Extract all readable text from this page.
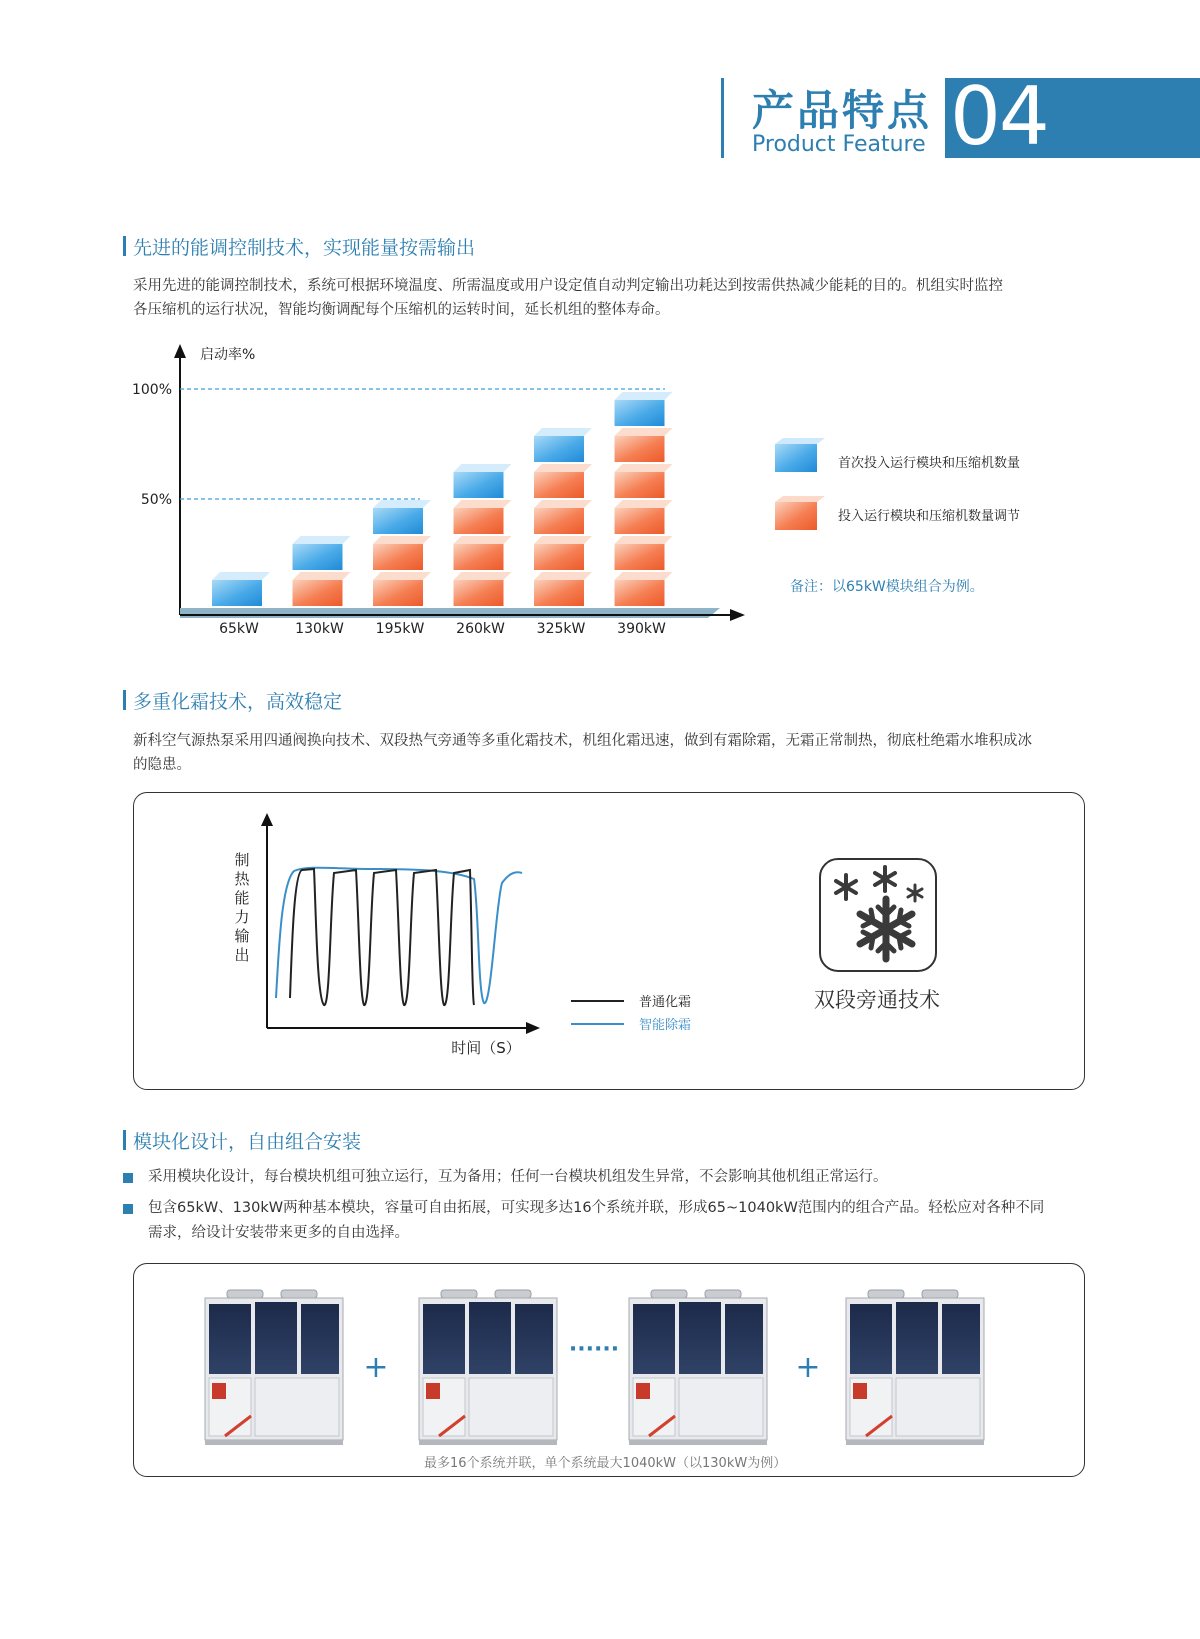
产品特点
Product Feature 04
先进的能调控制技术，实现能量按需输出
采用先进的能调控制技术，系统可根据环境温度、所需温度或用户设定值自动判定输出功耗达到按需供热减少能耗的目的。机组实时监控
各压缩机的运行状况，智能均衡调配每个压缩机的运转时间，延长机组的整体寿命。
启动率%
100%
50%
65kW	130kW 195kW 260kW 325kW 390kW
首次投入运行模块和压缩机数量
投入运行模块和压缩机数量调节
备注：以65kW模块组合为例。
多重化霜技术，高效稳定
新科空气源热泵采用四通阀换向技术、双段热气旁通等多重化霜技术，机组化霜迅速，做到有霜除霜，无霜正常制热，彻底杜绝霜水堆积成冰
的隐患。
制
热
能
力
输
出
时间（S）
普通化霜
智能除霜
双段旁通技术
模块化设计，自由组合安装
采用模块化设计，每台模块机组可独立运行，互为备用；任何一台模块机组发生异常，不会影响其他机组正常运行。
包含65kW、130kW两种基本模块，容量可自由拓展，可实现多达16个系统并联，形成65~1040kW范围内的组合产品。轻松应对各种不同
需求，给设计安装带来更多的自由选择。
+
······
+
最多16个系统并联，单个系统最大1040kW（以130kW为例）
